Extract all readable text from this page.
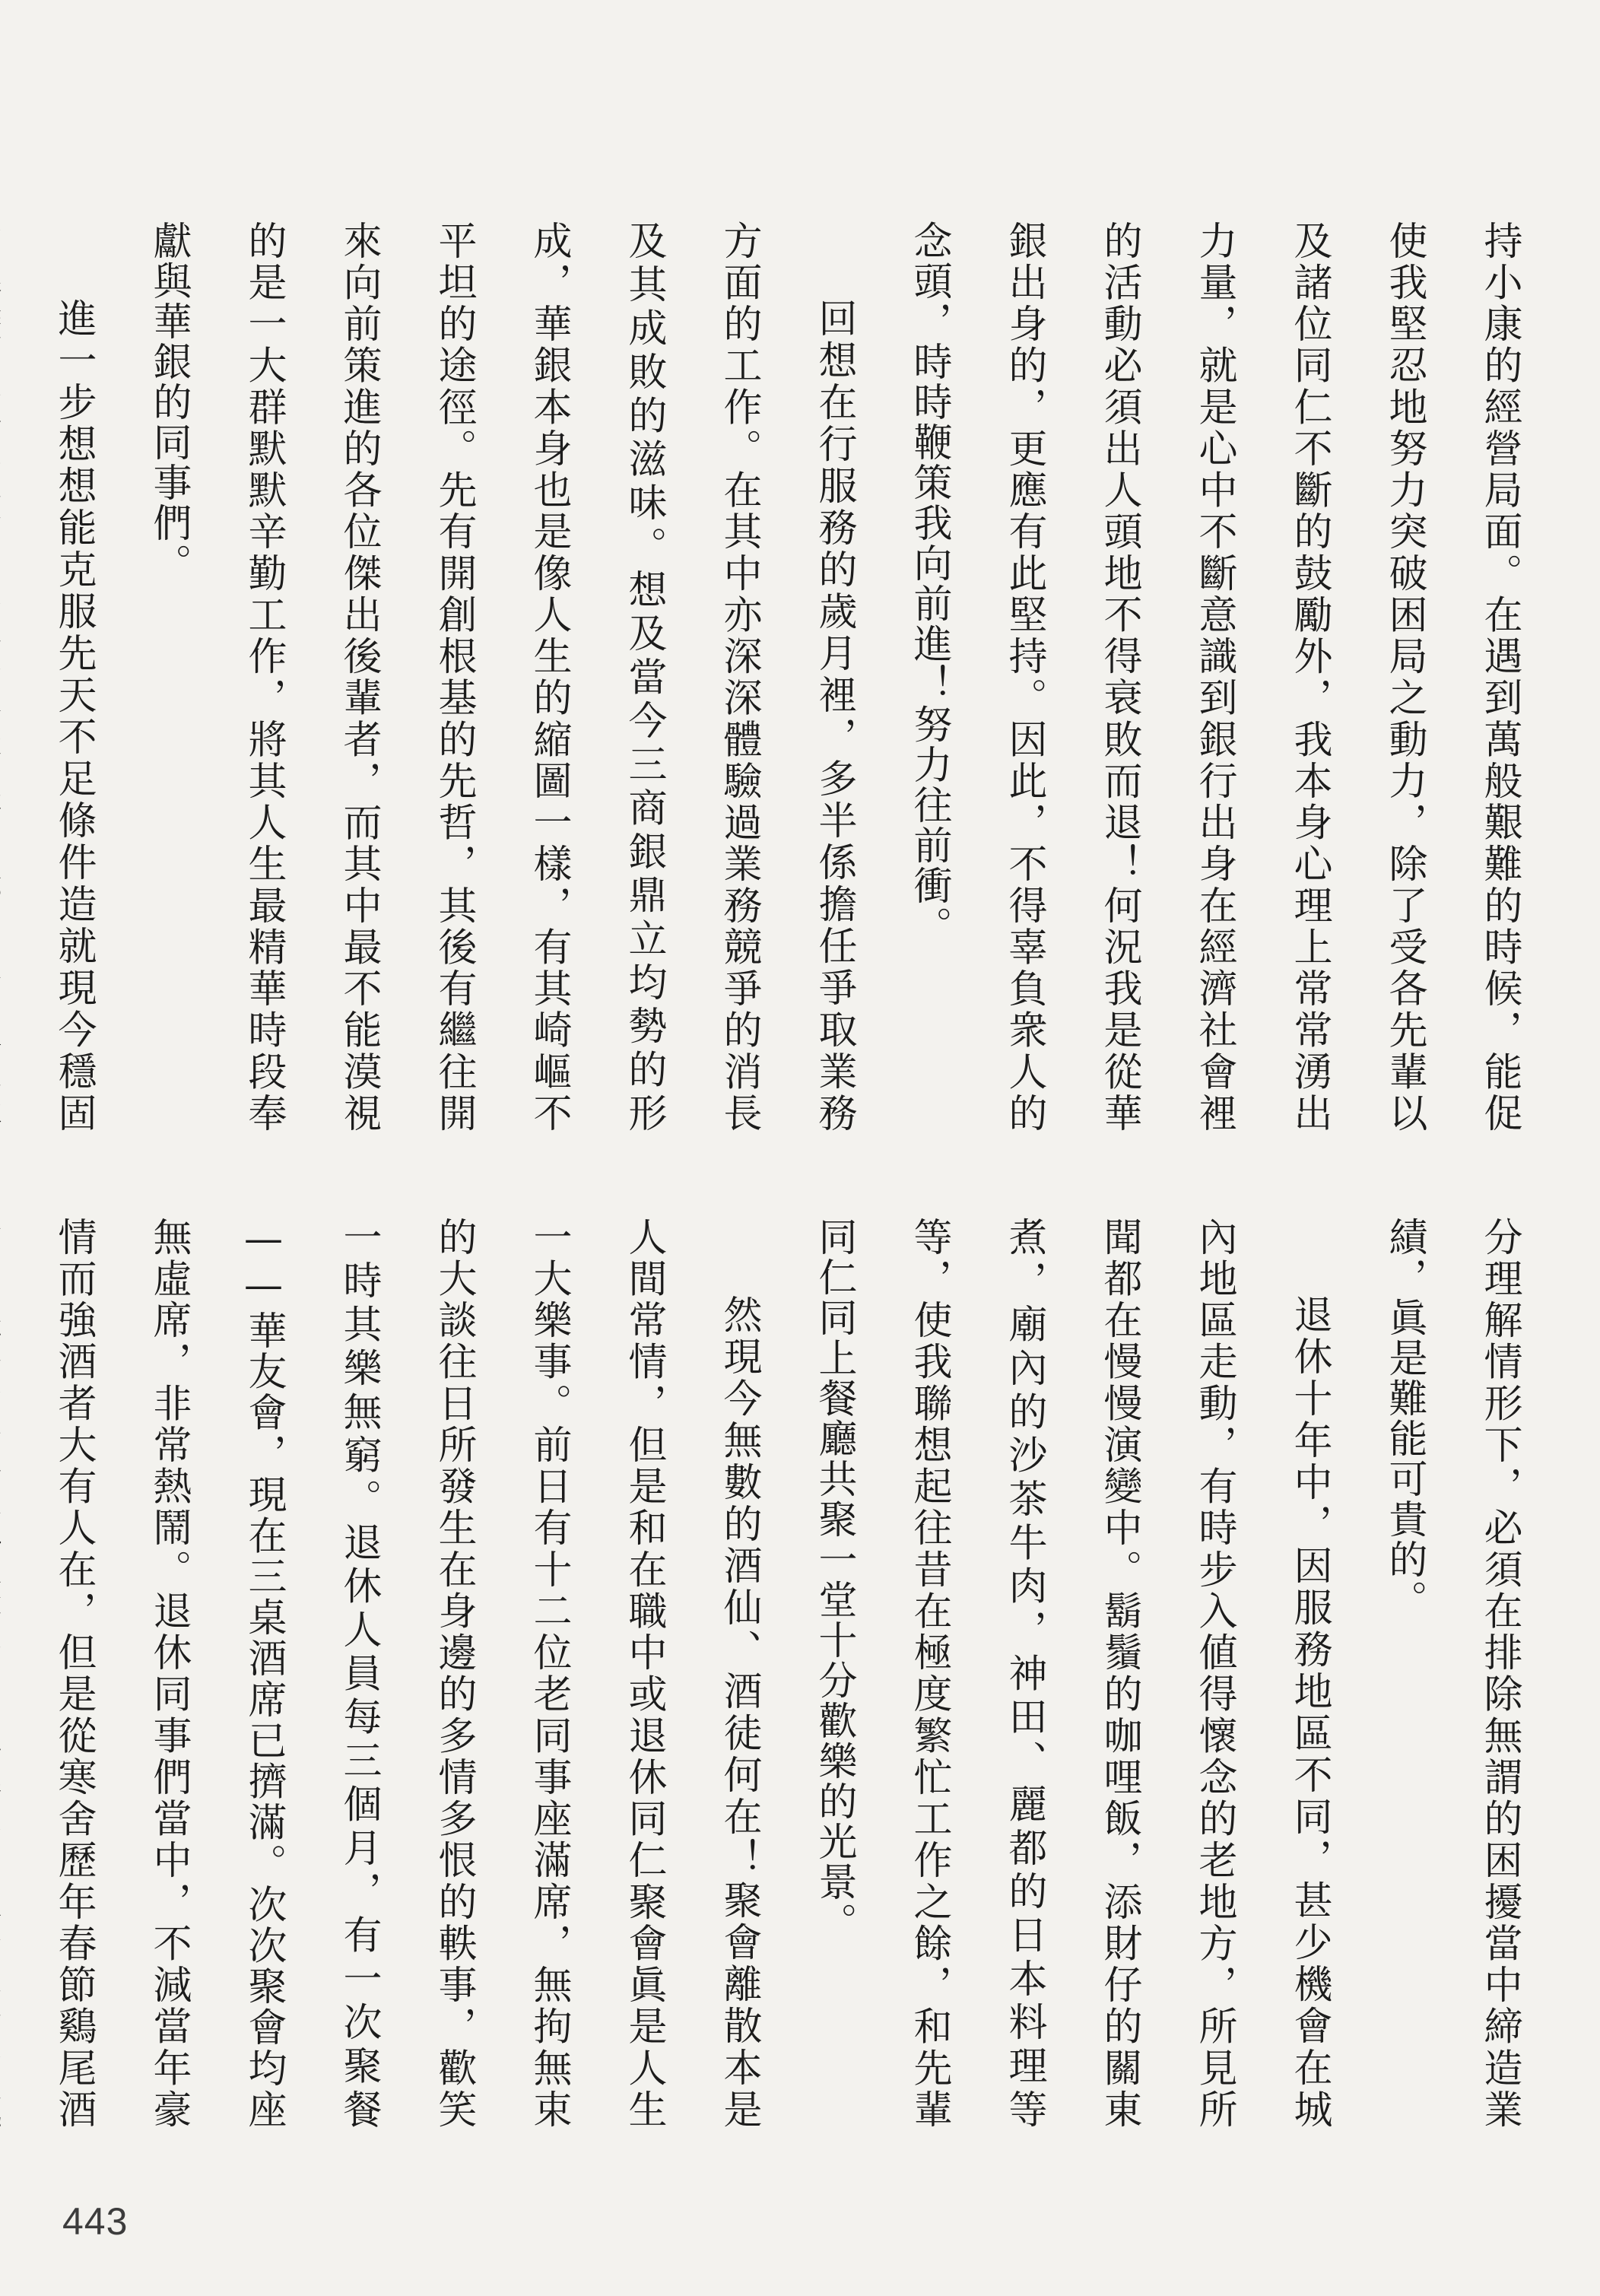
持小康的經營局面。在遇到萬般艱難的時候，能促使我堅忍地努力突破困局之動力，除了受各先輩以及諸位同仁不斷的鼓勵外，我本身心理上常常湧出力量，就是心中不斷意識到銀行出身在經濟社會裡的活動必須出人頭地不得衰敗而退！何況我是從華銀出身的，更應有此堅持。因此，不得辜負衆人的念頭，時時鞭策我向前進！努力往前衝。

回想在行服務的歲月裡，多半係擔任爭取業務方面的工作。在其中亦深深體驗過業務競爭的消長及其成敗的滋味。想及當今三商銀鼎立均勢的形成，華銀本身也是像人生的縮圖一樣，有其崎嶇不平坦的途徑。先有開創根基的先哲，其後有繼往開來向前策進的各位傑出後輩者，而其中最不能漠視的是一大群默默辛勤工作，將其人生最精華時段奉獻與華銀的同事們。

進一步想想能克服先天不足條件造就現今穩固

分理解情形下，必須在排除無謂的困擾當中締造業績，眞是難能可貴的。

退休十年中，因服務地區不同，甚少機會在城內地區走動，有時步入値得懷念的老地方，所見所聞都在慢慢演變中。鬍鬚的咖哩飯，添財仔的關東煮，廟內的沙茶牛肉，神田、麗都的日本料理等等，使我聯想起往昔在極度繁忙工作之餘，和先輩同仁同上餐廳共聚一堂十分歡樂的光景。

然現今無數的酒仙、酒徒何在！聚會離散本是人間常情，但是和在職中或退休同仁聚會眞是人生一大樂事。前日有十二位老同事座滿席，無拘無束的大談往日所發生在身邊的多情多恨的軼事，歡笑一時其樂無窮。退休人員每三個月，有一次聚餐——華友會，現在三桌酒席已擠滿。次次聚會均座無虛席，非常熱鬧。退休同事們當中，不減當年豪情而強酒者大有人在，但是從寒舍歷年春節鷄尾酒

443
